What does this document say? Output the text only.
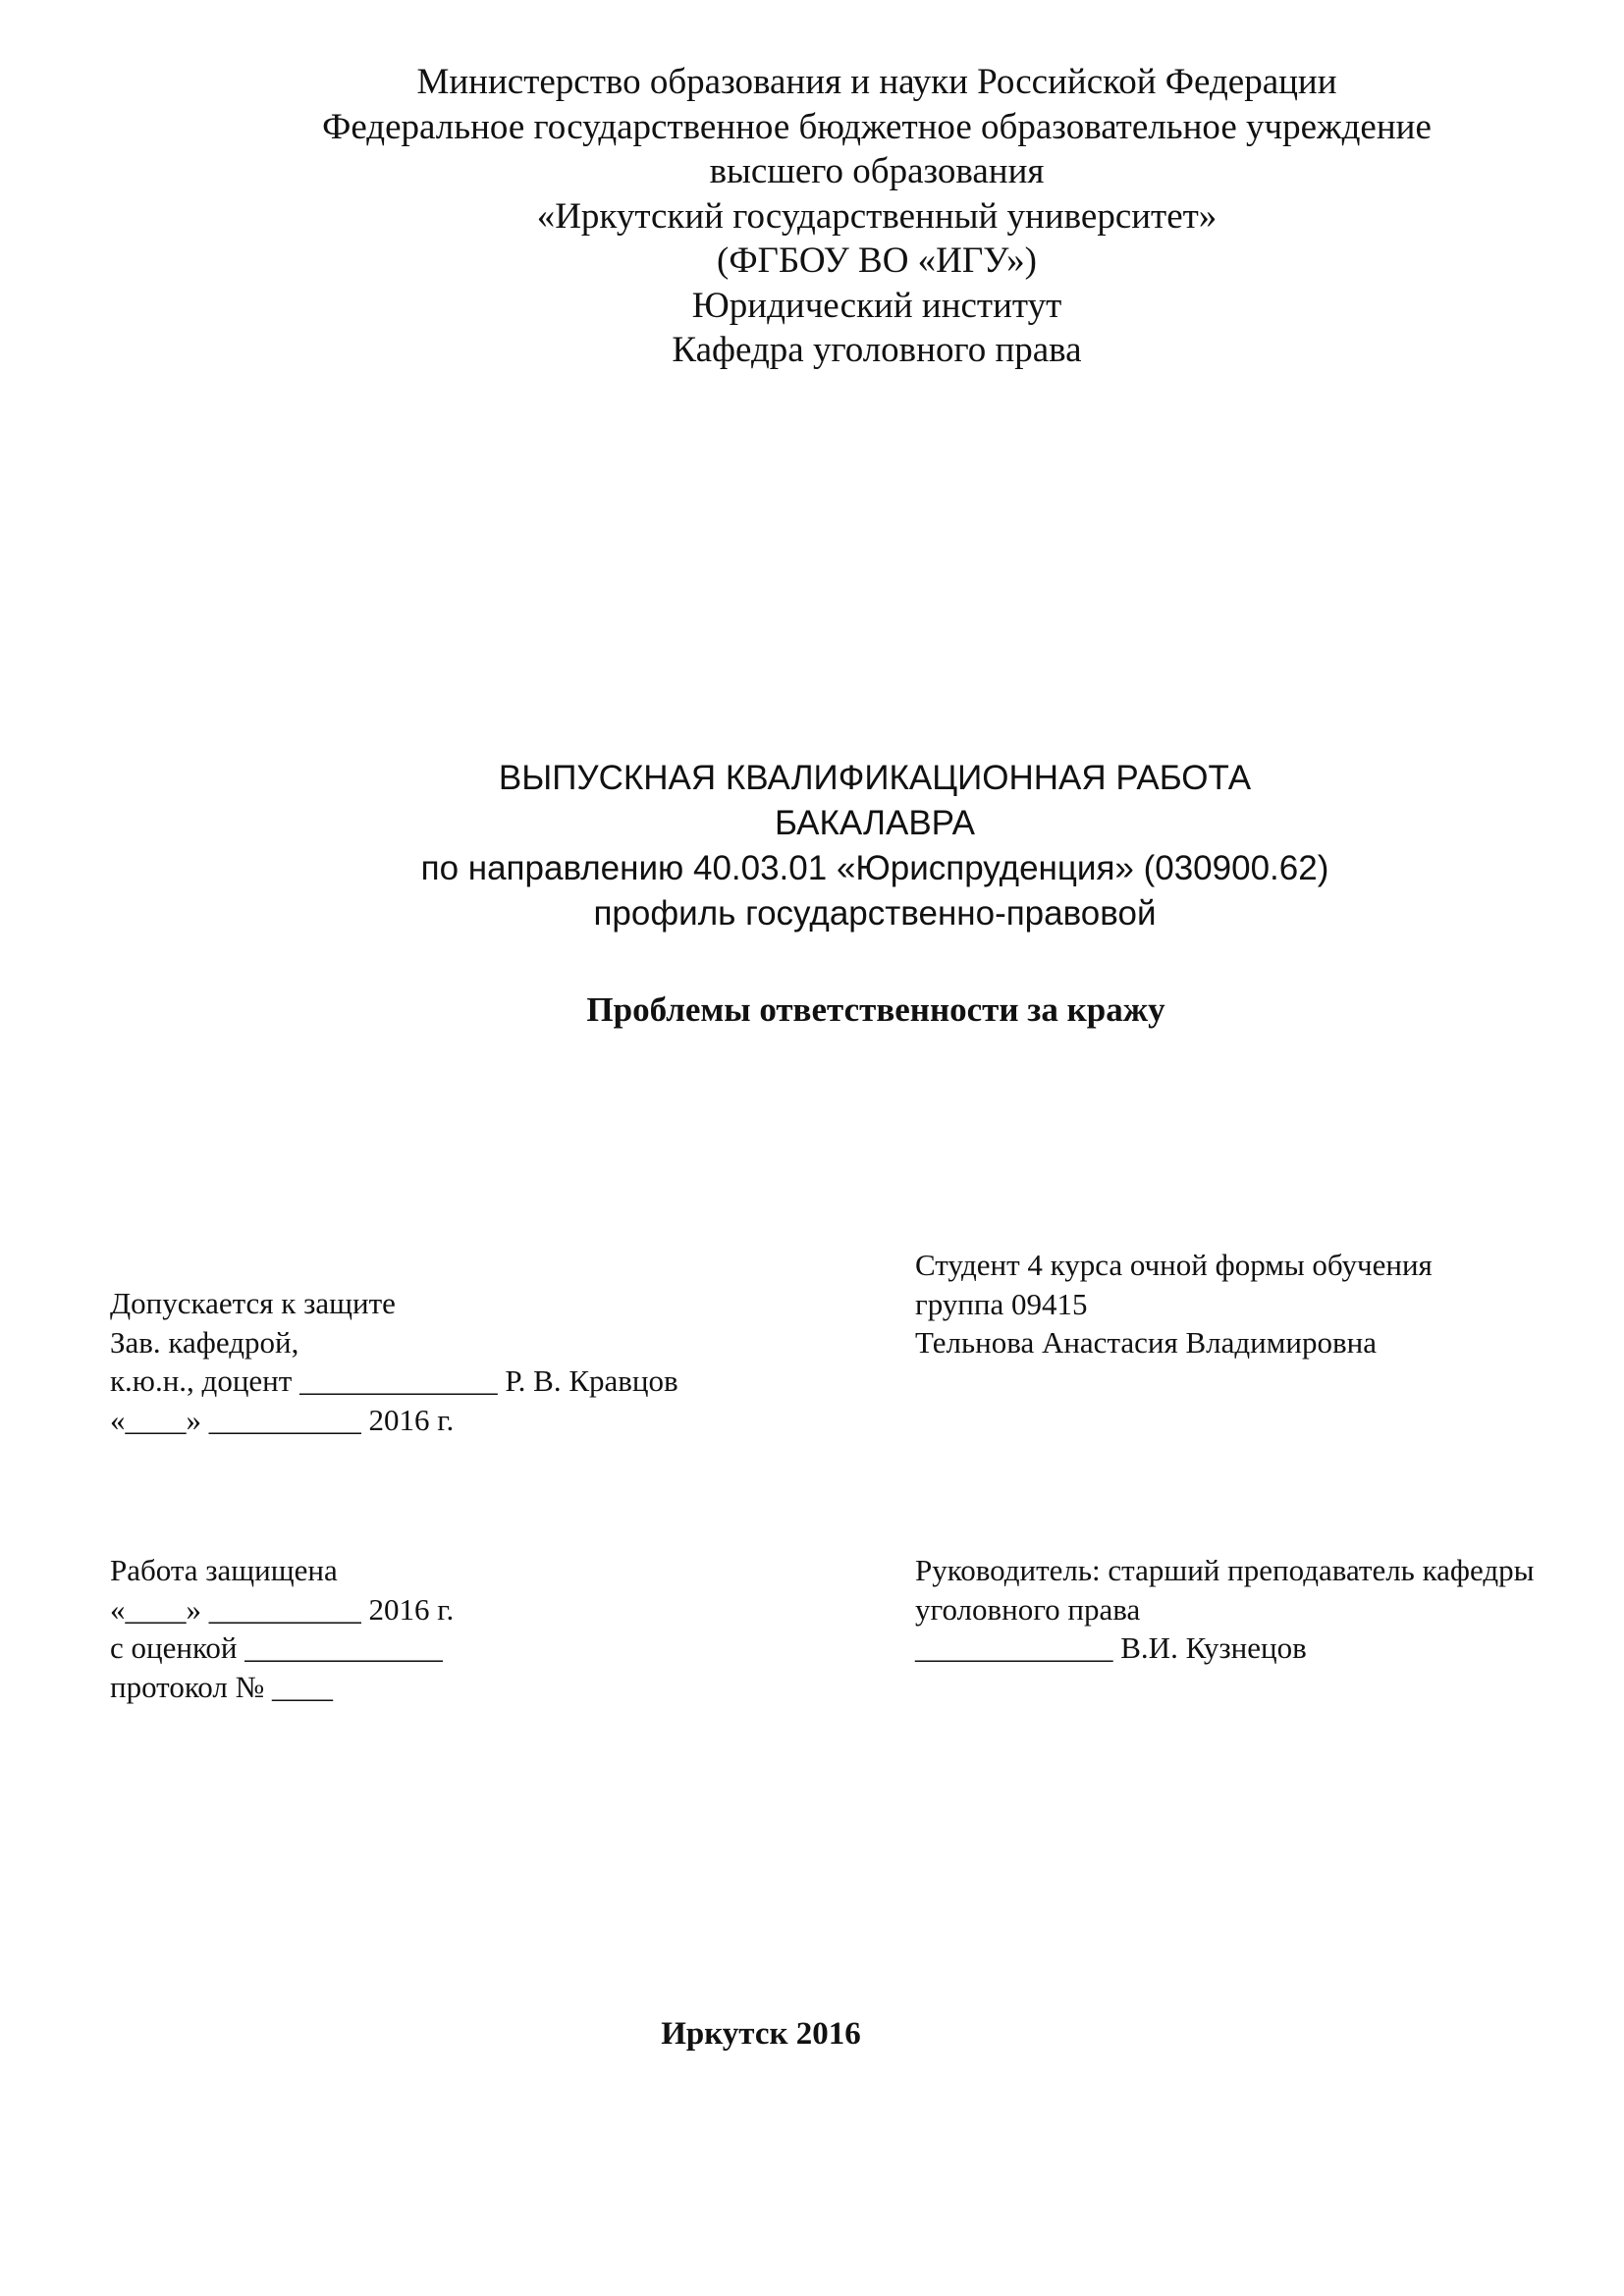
Министерство образования и науки Российской Федерации
Федеральное государственное бюджетное образовательное учреждение
высшего образования
«Иркутский государственный университет»
(ФГБОУ ВО «ИГУ»)
Юридический институт
Кафедра уголовного права
ВЫПУСКНАЯ КВАЛИФИКАЦИОННАЯ РАБОТА
БАКАЛАВРА
по направлению 40.03.01 «Юриспруденция» (030900.62)
профиль государственно-правовой
Проблемы ответственности за кражу
Допускается к защите
Зав. кафедрой,
к.ю.н., доцент _____________ Р. В. Кравцов
«____» __________ 2016 г.
Студент 4 курса очной формы обучения
группа 09415
Тельнова Анастасия Владимировна
Работа защищена
«____» __________ 2016 г.
с оценкой _____________
протокол № ____
Руководитель: старший преподаватель кафедры
уголовного права
_____________ В.И. Кузнецов
Иркутск 2016
